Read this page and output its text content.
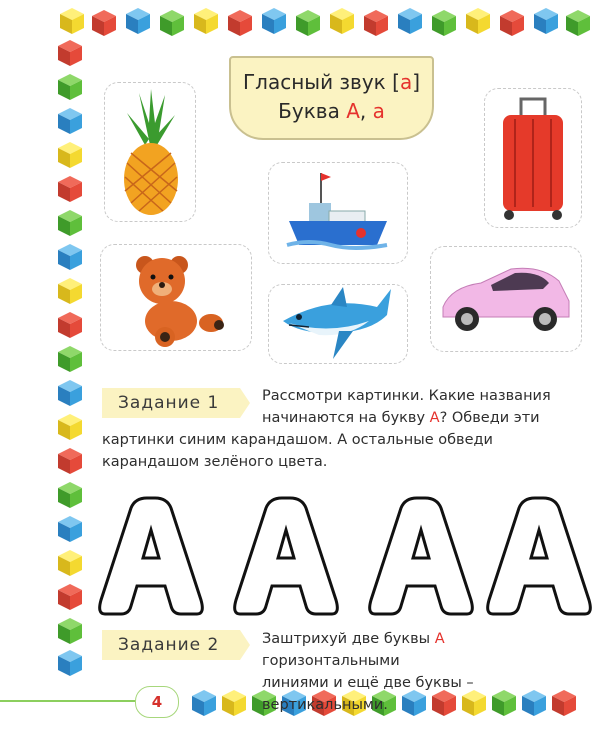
Гласный звук [а]
Буква А, а
Задание 1	Рассмотри картинки. Какие названия
начинаются на букву А? Обведи эти
картинки синим карандашом. А остальные обведи
карандашом зелёного цвета.
Задание 2	Заштрихуй две буквы А горизонтальными
линиями и ещё две буквы – вертикальными.
4
